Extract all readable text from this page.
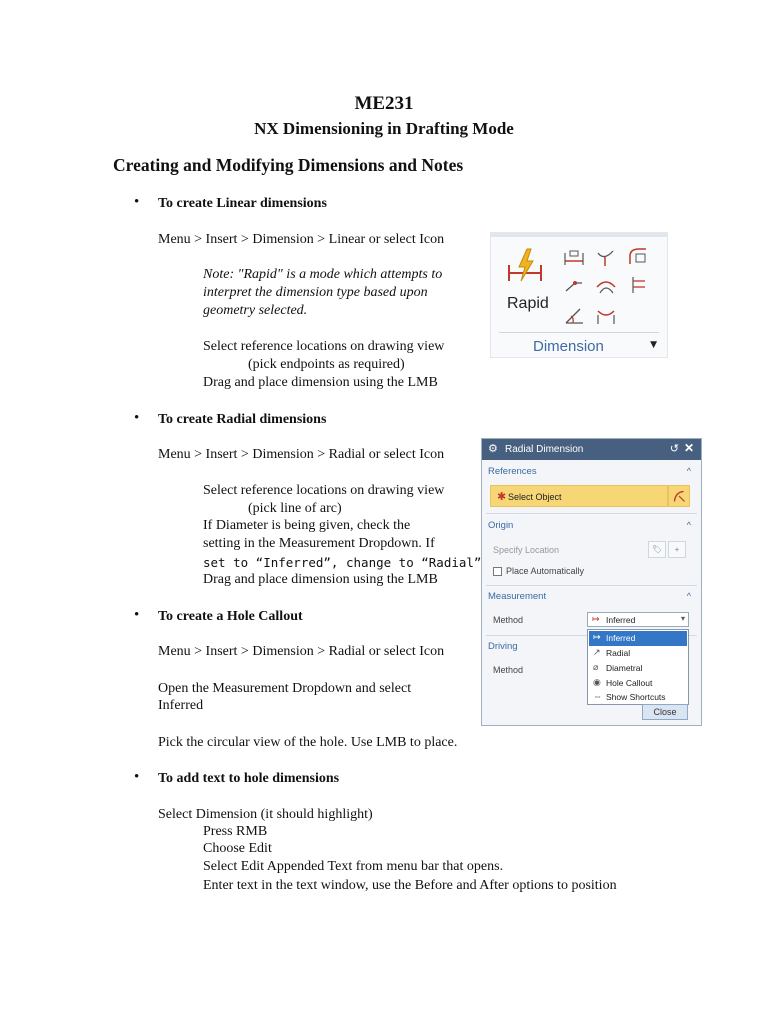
ME231
NX Dimensioning in Drafting Mode
Creating and Modifying Dimensions and Notes
• To create Linear dimensions
Menu > Insert > Dimension > Linear or select Icon
Note: "Rapid" is a mode which attempts to
interpret the dimension type based upon
geometry selected.
Select reference locations on drawing view
(pick endpoints as required)
Drag and place dimension using the LMB
• To create Radial dimensions
Menu > Insert > Dimension > Radial or select Icon
Select reference locations on drawing view
(pick line of arc)
If Diameter is being given, check the
setting in the Measurement Dropdown. If
set to “Inferred”, change to “Radial”
Drag and place dimension using the LMB
• To create a Hole Callout
Menu > Insert > Dimension > Radial or select Icon
Open the Measurement Dropdown and select
Inferred
Pick the circular view of the hole. Use LMB to place.
• To add text to hole dimensions
Select Dimension (it should highlight)
Press RMB
Choose Edit
Select Edit Appended Text from menu bar that opens.
Enter text in the text window, use the Before and After options to position
Rapid
Dimension	▼
⚙ Radial Dimension	↺ ✕
References	^
✱ Select Object
Origin	^
Specify Location	🏷	+
Place Automatically
Measurement	^
Method	↦ Inferred	▾
Driving
Method
↦ Inferred
↗ Radial
⌀ Diametral
◉ Hole Callout
⇔ Show Shortcuts
Close
